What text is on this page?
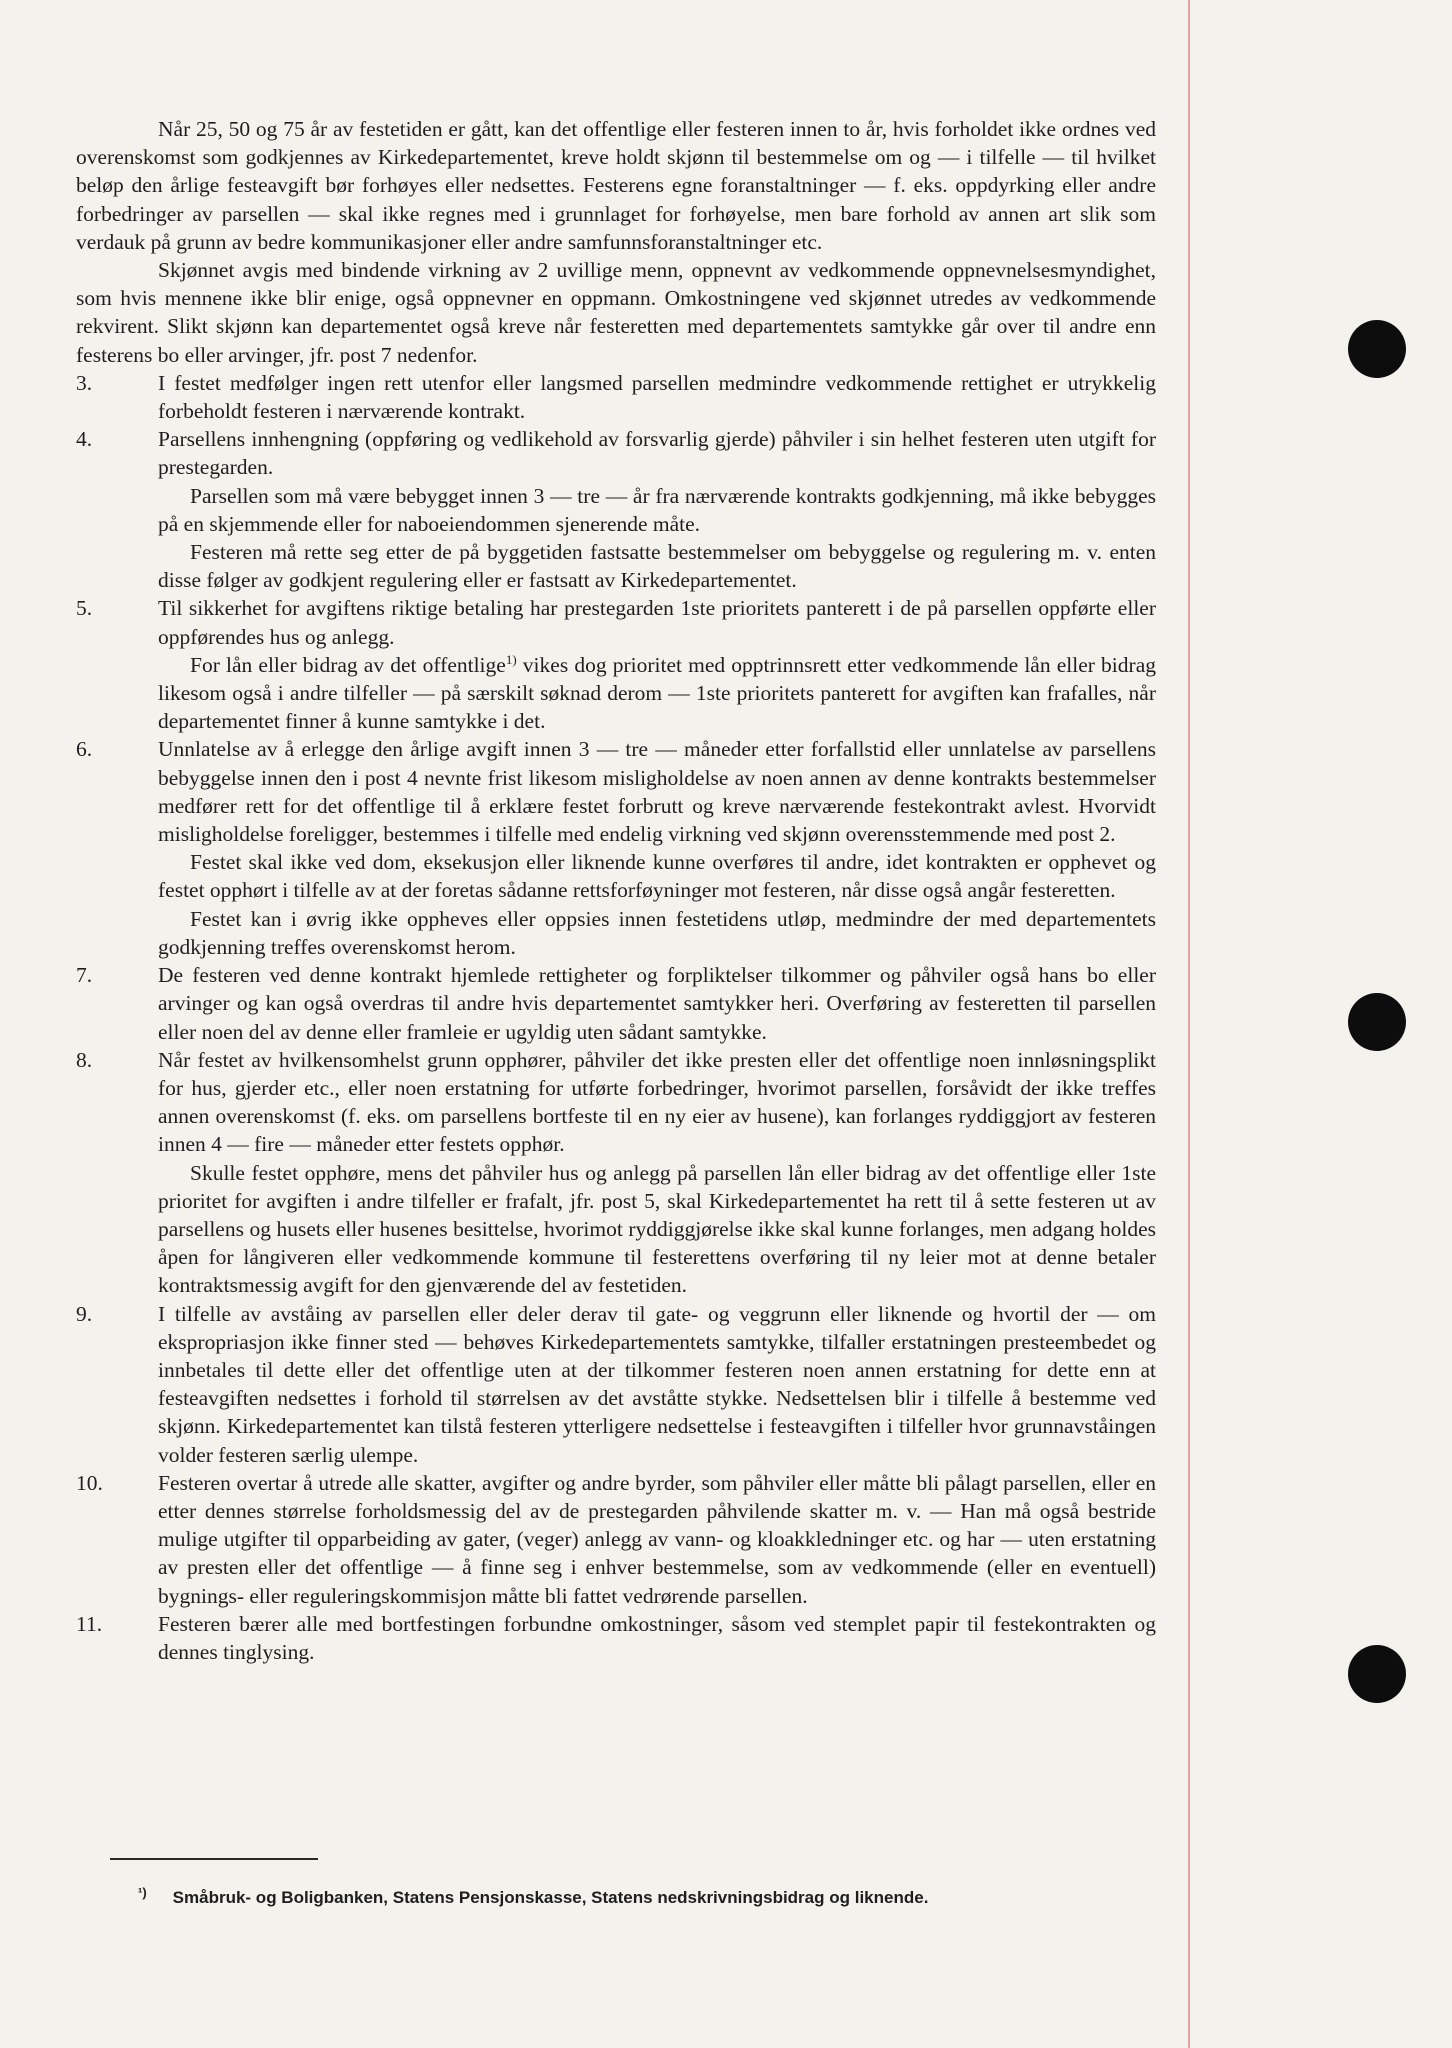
Når 25, 50 og 75 år av festetiden er gått, kan det offentlige eller festeren innen to år, hvis forholdet ikke ordnes ved overenskomst som godkjennes av Kirkedepartementet, kreve holdt skjønn til bestemmelse om og — i tilfelle — til hvilket beløp den årlige festeavgift bør forhøyes eller nedsettes. Festerens egne foranstaltninger — f. eks. oppdyrking eller andre forbedringer av parsellen — skal ikke regnes med i grunnlaget for forhøyelse, men bare forhold av annen art slik som verdauk på grunn av bedre kommunikasjoner eller andre samfunnsforanstaltninger etc.

Skjønnet avgis med bindende virkning av 2 uvillige menn, oppnevnt av vedkommende oppnevnelsesmyndighet, som hvis mennene ikke blir enige, også oppnevner en oppmann. Omkostningene ved skjønnet utredes av vedkommende rekvirent. Slikt skjønn kan departementet også kreve når festeretten med departementets samtykke går over til andre enn festerens bo eller arvinger, jfr. post 7 nedenfor.

3.	I festet medfølger ingen rett utenfor eller langsmed parsellen medmindre vedkommende rettighet er utrykkelig forbeholdt festeren i nærværende kontrakt.

4.	Parsellens innhengning (oppføring og vedlikehold av forsvarlig gjerde) påhviler i sin helhet festeren uten utgift for prestegarden.

Parsellen som må være bebygget innen 3 — tre — år fra nærværende kontrakts godkjenning, må ikke bebygges på en skjemmende eller for naboeiendommen sjenerende måte.

Festeren må rette seg etter de på byggetiden fastsatte bestemmelser om bebyggelse og regulering m. v. enten disse følger av godkjent regulering eller er fastsatt av Kirkedepartementet.

5.	Til sikkerhet for avgiftens riktige betaling har prestegarden 1ste prioritets panterett i de på parsellen oppførte eller oppførendes hus og anlegg.

For lån eller bidrag av det offentlige$^{1)}$ vikes dog prioritet med opptrinnsrett etter vedkommende lån eller bidrag likesom også i andre tilfeller — på særskilt søknad derom — 1ste prioritets panterett for avgiften kan frafalles, når departementet finner å kunne samtykke i det.

6.	Unnlatelse av å erlegge den årlige avgift innen 3 — tre — måneder etter forfallstid eller unnlatelse av parsellens bebyggelse innen den i post 4 nevnte frist likesom misligholdelse av noen annen av denne kontrakts bestemmelser medfører rett for det offentlige til å erklære festet forbrutt og kreve nærværende festekontrakt avlest. Hvorvidt misligholdelse foreligger, bestemmes i tilfelle med endelig virkning ved skjønn overensstemmende med post 2.

Festet skal ikke ved dom, eksekusjon eller liknende kunne overføres til andre, idet kontrakten er opphevet og festet opphørt i tilfelle av at der foretas sådanne rettsforføyninger mot festeren, når disse også angår festeretten.

Festet kan i øvrig ikke oppheves eller oppsies innen festetidens utløp, medmindre der med departementets godkjenning treffes overenskomst herom.

7.	De festeren ved denne kontrakt hjemlede rettigheter og forpliktelser tilkommer og påhviler også hans bo eller arvinger og kan også overdras til andre hvis departementet samtykker heri. Overføring av festeretten til parsellen eller noen del av denne eller framleie er ugyldig uten sådant samtykke.

8.	Når festet av hvilkensomhelst grunn opphører, påhviler det ikke presten eller det offentlige noen innløsningsplikt for hus, gjerder etc., eller noen erstatning for utførte forbedringer, hvorimot parsellen, forsåvidt der ikke treffes annen overenskomst (f. eks. om parsellens bortfeste til en ny eier av husene), kan forlanges ryddiggjort av festeren innen 4 — fire — måneder etter festets opphør.

Skulle festet opphøre, mens det påhviler hus og anlegg på parsellen lån eller bidrag av det offentlige eller 1ste prioritet for avgiften i andre tilfeller er frafalt, jfr. post 5, skal Kirkedepartementet ha rett til å sette festeren ut av parsellens og husets eller husenes besittelse, hvorimot ryddiggjørelse ikke skal kunne forlanges, men adgang holdes åpen for långiveren eller vedkommende kommune til festerettens overføring til ny leier mot at denne betaler kontraktsmessig avgift for den gjenværende del av festetiden.

9.	I tilfelle av avståing av parsellen eller deler derav til gate- og veggrunn eller liknende og hvortil der — om ekspropriasjon ikke finner sted — behøves Kirkedepartementets samtykke, tilfaller erstatningen presteembedet og innbetales til dette eller det offentlige uten at der tilkommer festeren noen annen erstatning for dette enn at festeavgiften nedsettes i forhold til størrelsen av det avståtte stykke. Nedsettelsen blir i tilfelle å bestemme ved skjønn. Kirkedepartementet kan tilstå festeren ytterligere nedsettelse i festeavgiften i tilfeller hvor grunnavståingen volder festeren særlig ulempe.

10.	Festeren overtar å utrede alle skatter, avgifter og andre byrder, som påhviler eller måtte bli pålagt parsellen, eller en etter dennes størrelse forholdsmessig del av de prestegarden påhvilende skatter m. v. — Han må også bestride mulige utgifter til opparbeiding av gater, (veger) anlegg av vann- og kloakkledninger etc. og har — uten erstatning av presten eller det offentlige — å finne seg i enhver bestemmelse, som av vedkommende (eller en eventuell) bygnings- eller reguleringskommisjon måtte bli fattet vedrørende parsellen.

11.	Festeren bærer alle med bortfestingen forbundne omkostninger, såsom ved stemplet papir til festekontrakten og dennes tinglysing.

$^{^1)}$ Småbruk- og Boligbanken, Statens Pensjonskasse, Statens nedskrivningsbidrag og liknende.
